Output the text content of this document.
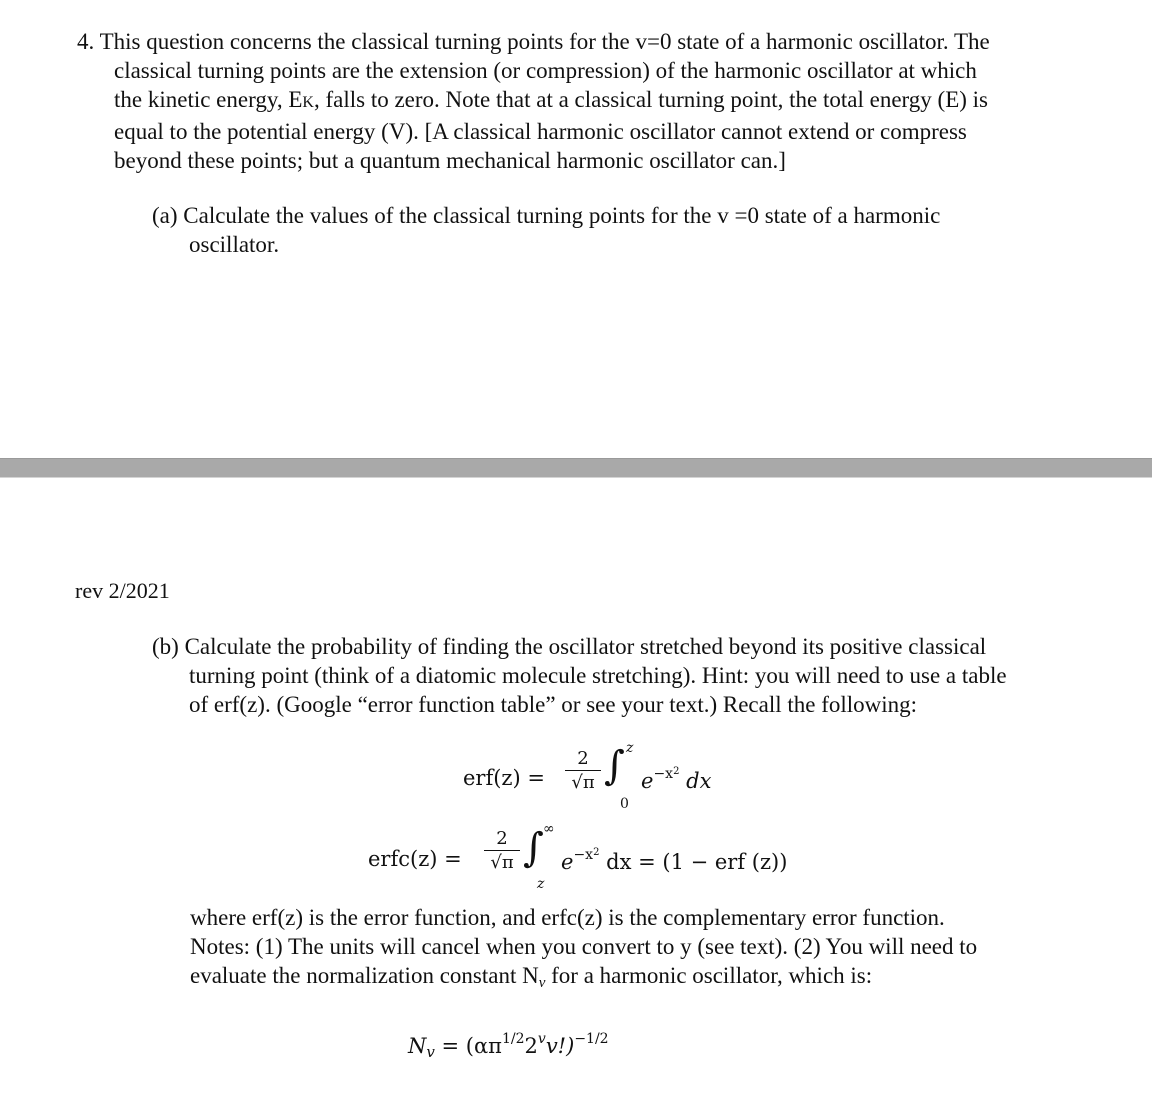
4. This question concerns the classical turning points for the v=0 state of a harmonic oscillator. The classical turning points are the extension (or compression) of the harmonic oscillator at which the kinetic energy, EK, falls to zero. Note that at a classical turning point, the total energy (E) is equal to the potential energy (V). [A classical harmonic oscillator cannot extend or compress beyond these points; but a quantum mechanical harmonic oscillator can.]
(a) Calculate the values of the classical turning points for the v =0 state of a harmonic oscillator.
rev 2/2021
(b) Calculate the probability of finding the oscillator stretched beyond its positive classical turning point (think of a diatomic molecule stretching). Hint: you will need to use a table of erf(z). (Google “error function table” or see your text.) Recall the following:
$erf(z) = \frac{2}{√\pi}$ ∫ z
0
$e^{-x2}$ dx
erfc(z) = $\frac{2}{√\pi}$ ∫ ∞
z
$e^{-x2}$ dx = (1 − erf (z))
where erf(z) is the error function, and erfc(z) is the complementary error function. Notes: (1) The units will cancel when you convert to y (see text). (2) You will need to evaluate the normalization constant $N_v$ for a harmonic oscillator, which is:
$N_v = (\alpha\pi^{1/2}2^vv!)^{-1/2}$
